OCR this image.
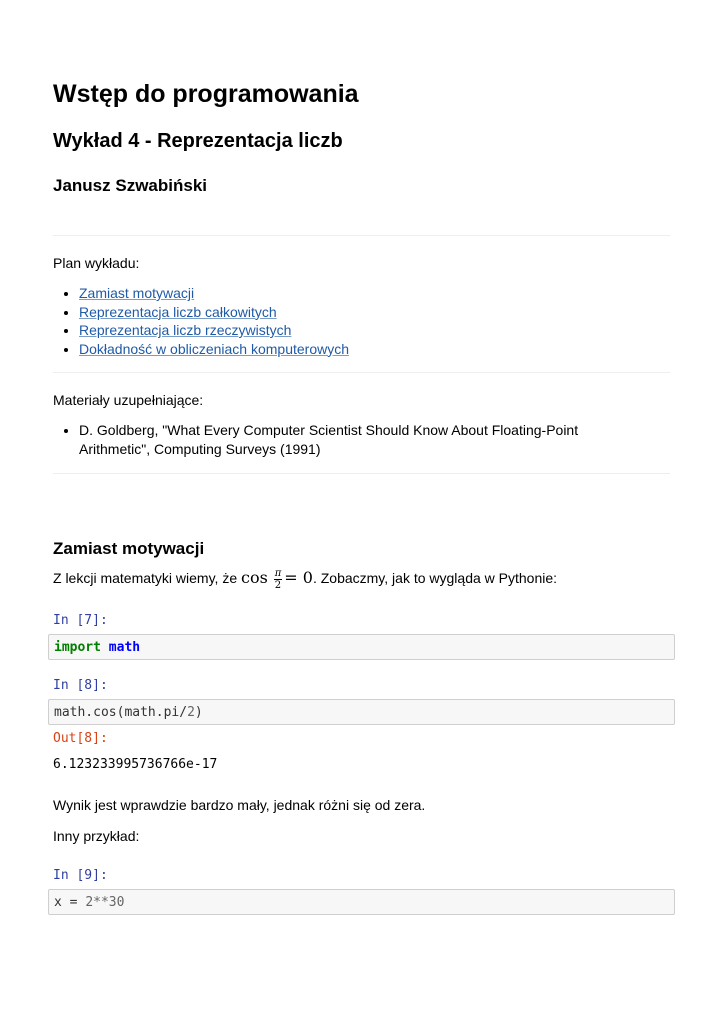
Wstęp do programowania
Wykład 4 - Reprezentacja liczb
Janusz Szwabiński

Plan wykładu:

• Zamiast motywacji
• Reprezentacja liczb całkowitych
• Reprezentacja liczb rzeczywistych
• Dokładność w obliczeniach komputerowych

Materiały uzupełniające:

• D. Goldberg, "What Every Computer Scientist Should Know About Floating-Point Arithmetic", Computing Surveys (1991)
Zamiast motywacji
Z lekcji matematyki wiemy, że $\cos \frac{\pi}{2} = 0$. Zobaczmy, jak to wygląda w Pythonie:
In [7]:
import math
In [8]:
math.cos(math.pi/2)
Out[8]:
6.123233995736766e-17

Wynik jest wprawdzie bardzo mały, jednak różni się od zera.

Inny przykład:

In [9]:
x = 2**30
